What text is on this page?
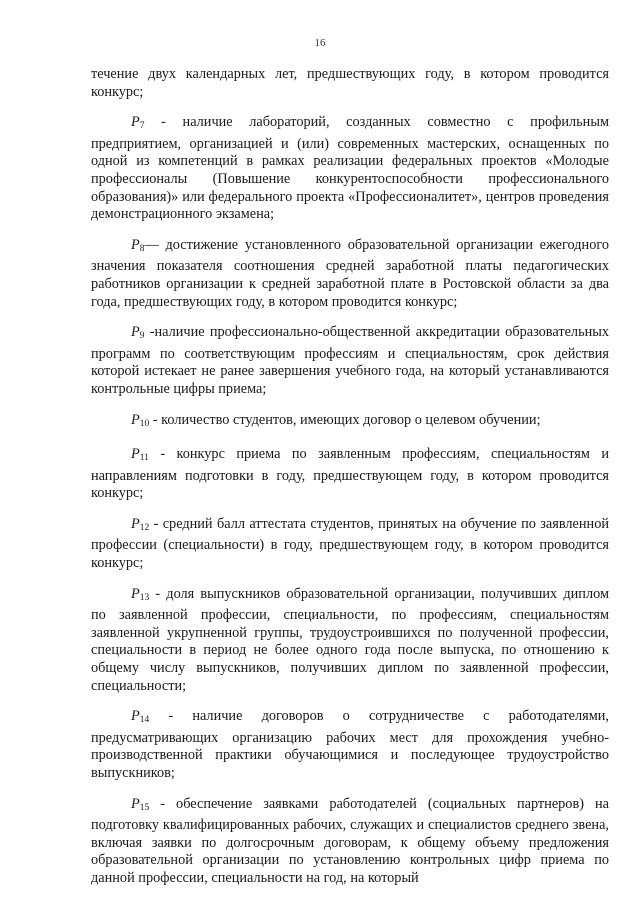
16

течение двух календарных лет, предшествующих году, в котором проводится конкурс;

$P_7$ - наличие лабораторий, созданных совместно с профильным предприятием, организацией и (или) современных мастерских, оснащенных по одной из компетенций в рамках реализации федеральных проектов «Молодые профессионалы (Повышение конкурентоспособности профессионального образования)» или федерального проекта «Профессионалитет», центров проведения демонстрационного экзамена;

$P_8—$ достижение установленного образовательной организации ежегодного значения показателя соотношения средней заработной платы педагогических работников организации к средней заработной плате в Ростовской области за два года, предшествующих году, в котором проводится конкурс;

$P_9$ -наличие профессионально-общественной аккредитации образовательных программ по соответствующим профессиям и специальностям, срок действия которой истекает не ранее завершения учебного года, на который устанавливаются контрольные цифры приема;

$P_{10}$ - количество студентов, имеющих договор о целевом обучении;

$P_{11}$ - конкурс приема по заявленным профессиям, специальностям и направлениям подготовки в году, предшествующем году, в котором проводится конкурс;

$P_{12}$ - средний балл аттестата студентов, принятых на обучение по заявленной профессии (специальности) в году, предшествующем году, в котором проводится конкурс;

$P_{13}$ - доля выпускников образовательной организации, получивших диплом по заявленной профессии, специальности, по профессиям, специальностям заявленной укрупненной группы, трудоустроившихся по полученной профессии, специальности в период не более одного года после выпуска, по отношению к общему числу выпускников, получивших диплом по заявленной профессии, специальности;

$P_{14}$ - наличие договоров о сотрудничестве с работодателями, предусматривающих организацию рабочих мест для прохождения учебно-производственной практики обучающимися и последующее трудоустройство выпускников;

$P_{15}$ - обеспечение заявками работодателей (социальных партнеров) на подготовку квалифицированных рабочих, служащих и специалистов среднего звена, включая заявки по долгосрочным договорам, к общему объему предложения образовательной организации по установлению контрольных цифр приема по данной профессии, специальности на год, на который
